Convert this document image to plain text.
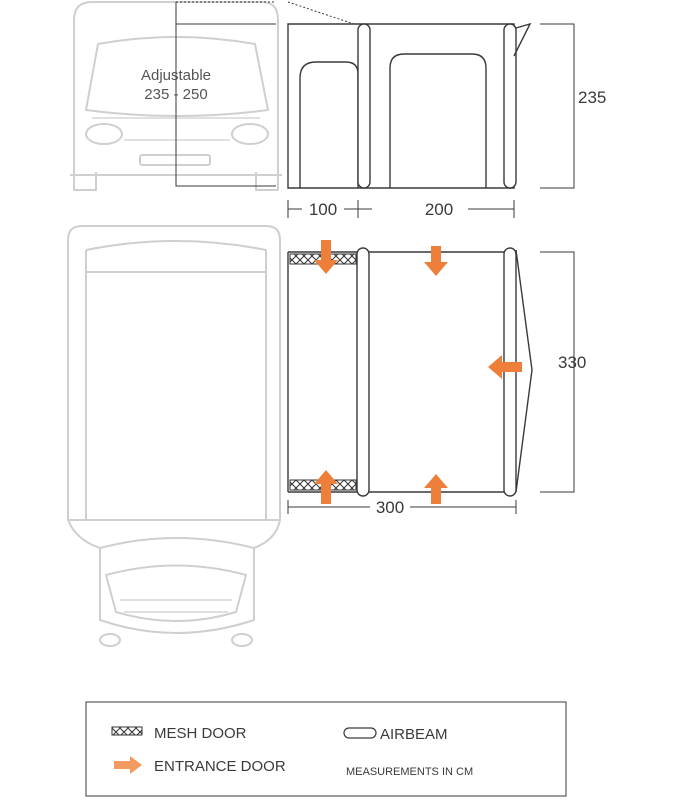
Adjustable
235 - 250	235
100	200
330
300
MESH DOOR
ENTRANCE DOOR
AIRBEAM
MEASUREMENTS IN CM
